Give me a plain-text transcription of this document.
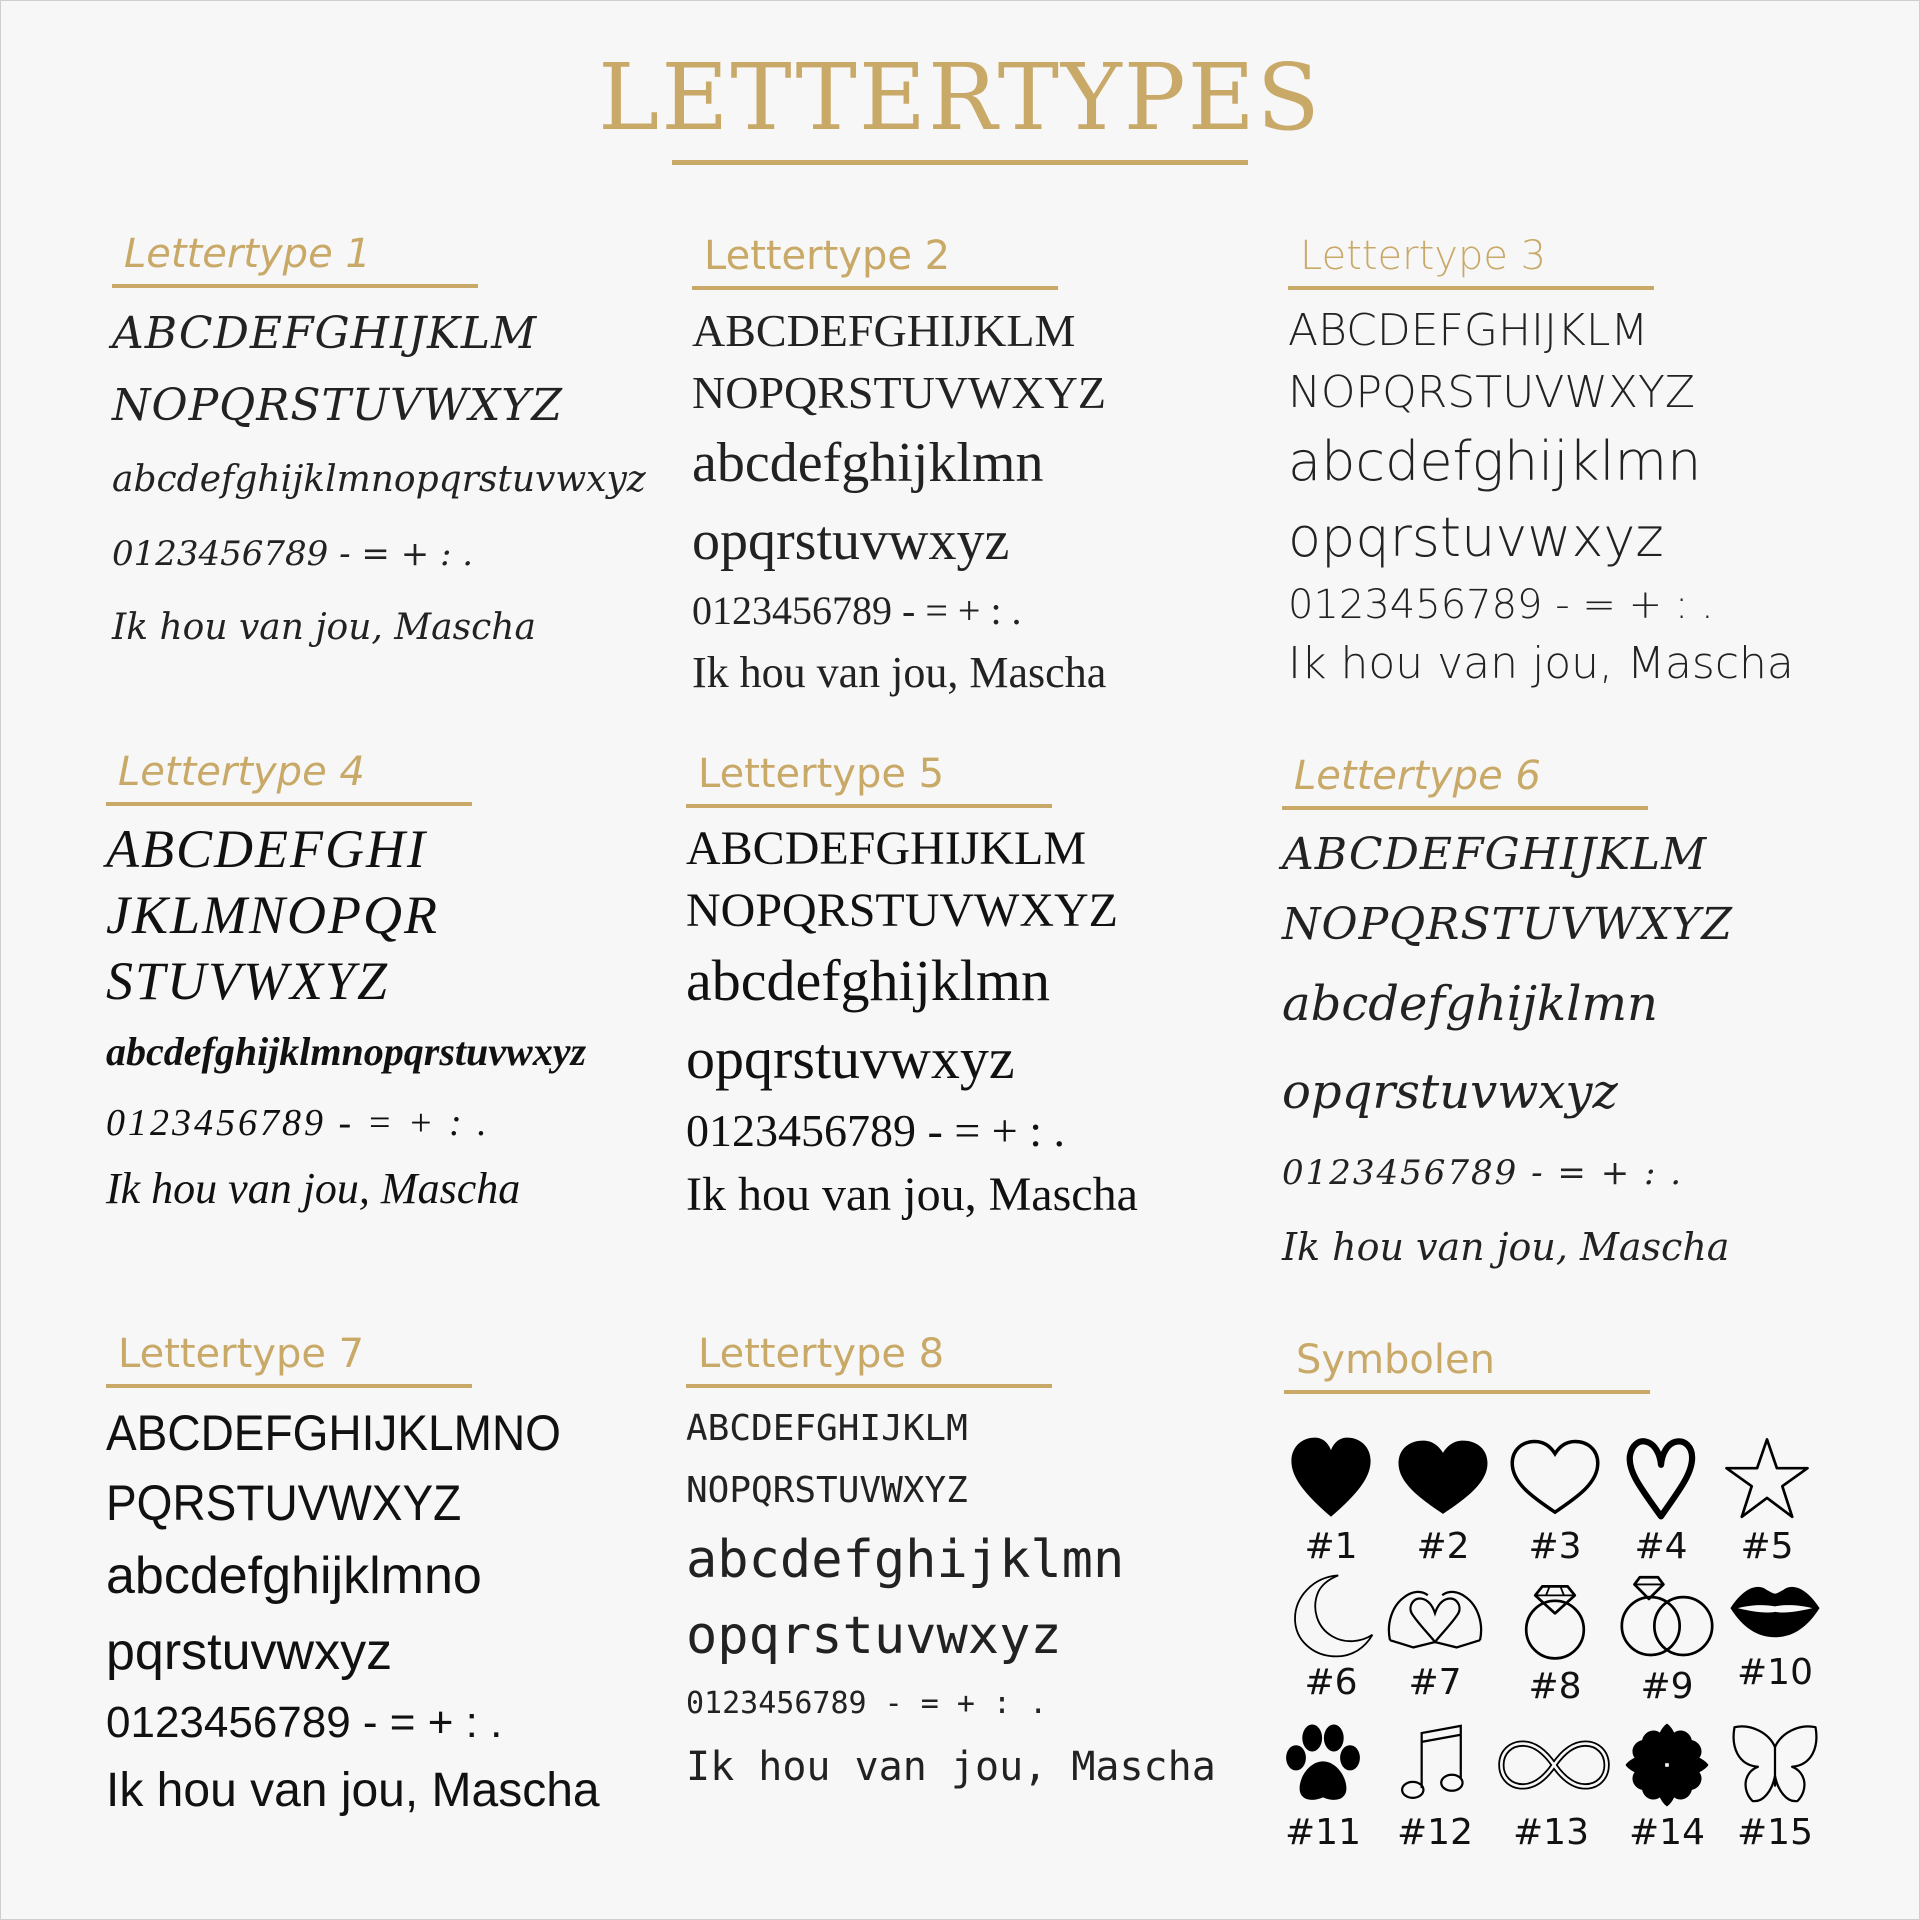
LETTERTYPES
Lettertype 1
ABCDEFGHIJKLM
NOPQRSTUVWXYZ
abcdefghijklmnopqrstuvwxyz
0123456789 - = + : .
Ik hou van jou, Mascha
Lettertype 2
ABCDEFGHIJKLM
NOPQRSTUVWXYZ
abcdefghijklmn
opqrstuvwxyz
0123456789 - = + : .
Ik hou van jou, Mascha
Lettertype 3
ABCDEFGHIJKLM
NOPQRSTUVWXYZ
abcdefghijklmn
opqrstuvwxyz
0123456789 - = + : .
Ik hou van jou, Mascha
Lettertype 4
ABCDEFGHI
JKLMNOPQR
STUVWXYZ
abcdefghijklmnopqrstuvwxyz
0123456789 - = + : .
Ik hou van jou, Mascha
Lettertype 5
ABCDEFGHIJKLM
NOPQRSTUVWXYZ
abcdefghijklmn
opqrstuvwxyz
0123456789 - = + : .
Ik hou van jou, Mascha
Lettertype 6
ABCDEFGHIJKLM
NOPQRSTUVWXYZ
abcdefghijklmn
opqrstuvwxyz
0123456789 - = + : .
Ik hou van jou, Mascha
Lettertype 7
ABCDEFGHIJKLMNO
PQRSTUVWXYZ
abcdefghijklmno
pqrstuvwxyz
0123456789 - = + : .
Ik hou van jou, Mascha
Lettertype 8
ABCDEFGHIJKLM
NOPQRSTUVWXYZ
abcdefghijklmn
opqrstuvwxyz
0123456789 - = + : .
Ik hou van jou, Mascha
Symbolen
#1	#2	#3	#4	#5
#6	#7	#8	#9	#10
#11	#12	#13	#14 #15
